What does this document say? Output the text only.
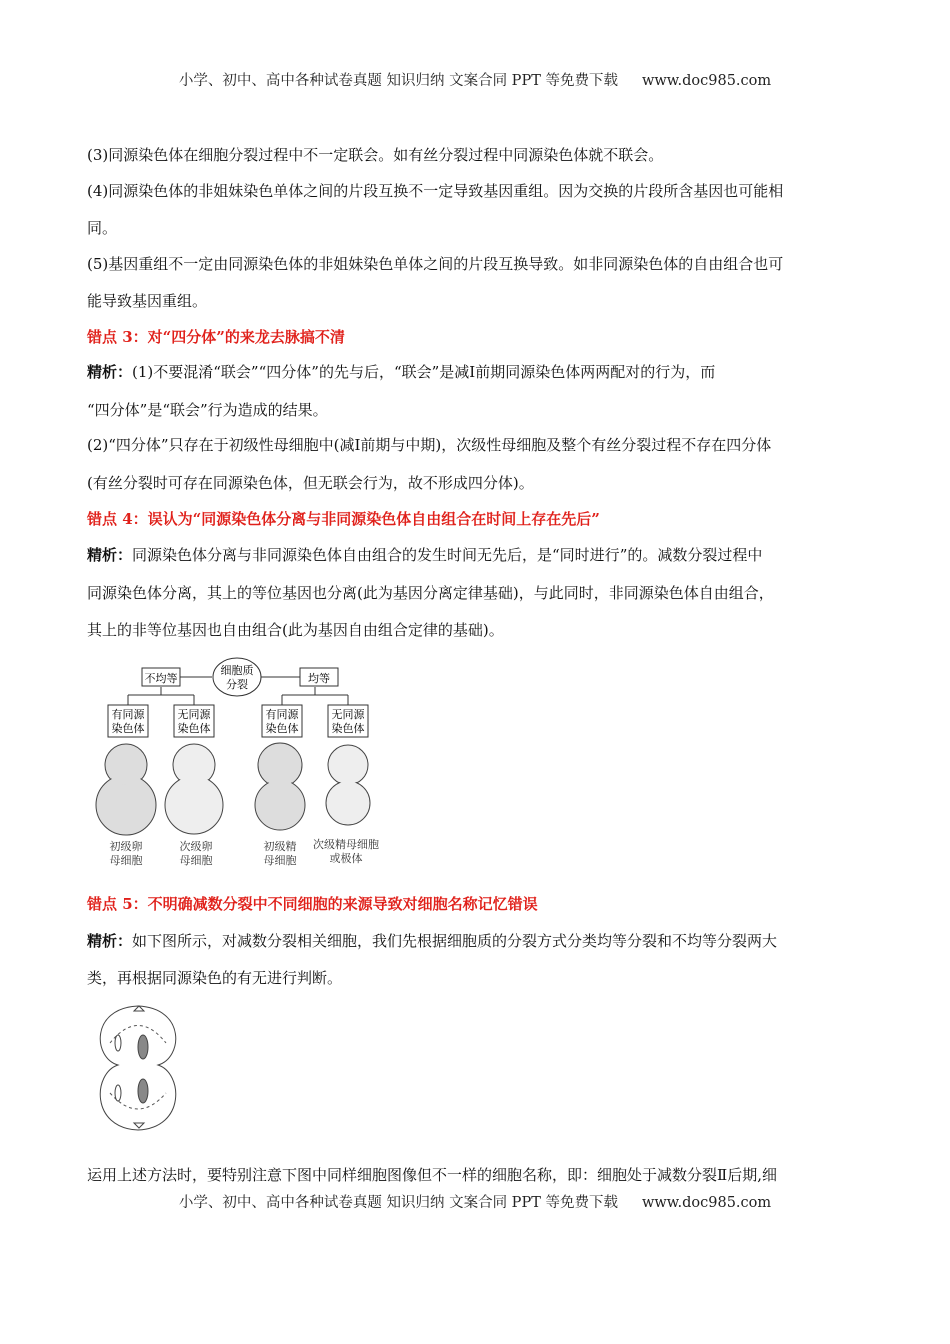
小学、初中、高中各种试卷真题 知识归纳 文案合同 PPT 等免费下载 www.doc985.com
(3)同源染色体在细胞分裂过程中不一定联会。如有丝分裂过程中同源染色体就不联会。
(4)同源染色体的非姐妹染色单体之间的片段互换不一定导致基因重组。因为交换的片段所含基因也可能相
同。
(5)基因重组不一定由同源染色体的非姐妹染色单体之间的片段互换导致。如非同源染色体的自由组合也可
能导致基因重组。
错点 3：对“四分体”的来龙去脉搞不清
精析：(1)不要混淆“联会”“四分体”的先与后，“联会”是减Ⅰ前期同源染色体两两配对的行为，而
“四分体”是“联会”行为造成的结果。
(2)“四分体”只存在于初级性母细胞中(减Ⅰ前期与中期)，次级性母细胞及整个有丝分裂过程不存在四分体
(有丝分裂时可存在同源染色体，但无联会行为，故不形成四分体)。
错点 4：误认为“同源染色体分离与非同源染色体自由组合在时间上存在先后”
精析：同源染色体分离与非同源染色体自由组合的发生时间无先后，是“同时进行”的。减数分裂过程中
同源染色体分离，其上的等位基因也分离(此为基因分离定律基础)，与此同时，非同源染色体自由组合，
其上的非等位基因也自由组合(此为基因自由组合定律的基础)。
细胞质
分裂
不均等	均等
有同源
染色体
无同源
染色体
有同源
染色体
无同源
染色体
初级卵
母细胞
次级卵
母细胞
初级精
母细胞
次级精母细胞
或极体
错点 5：不明确减数分裂中不同细胞的来源导致对细胞名称记忆错误
精析：如下图所示，对减数分裂相关细胞，我们先根据细胞质的分裂方式分类均等分裂和不均等分裂两大
类，再根据同源染色的有无进行判断。
运用上述方法时，要特别注意下图中同样细胞图像但不一样的细胞名称，即：细胞处于减数分裂Ⅱ后期,细
小学、初中、高中各种试卷真题 知识归纳 文案合同 PPT 等免费下载 www.doc985.com
